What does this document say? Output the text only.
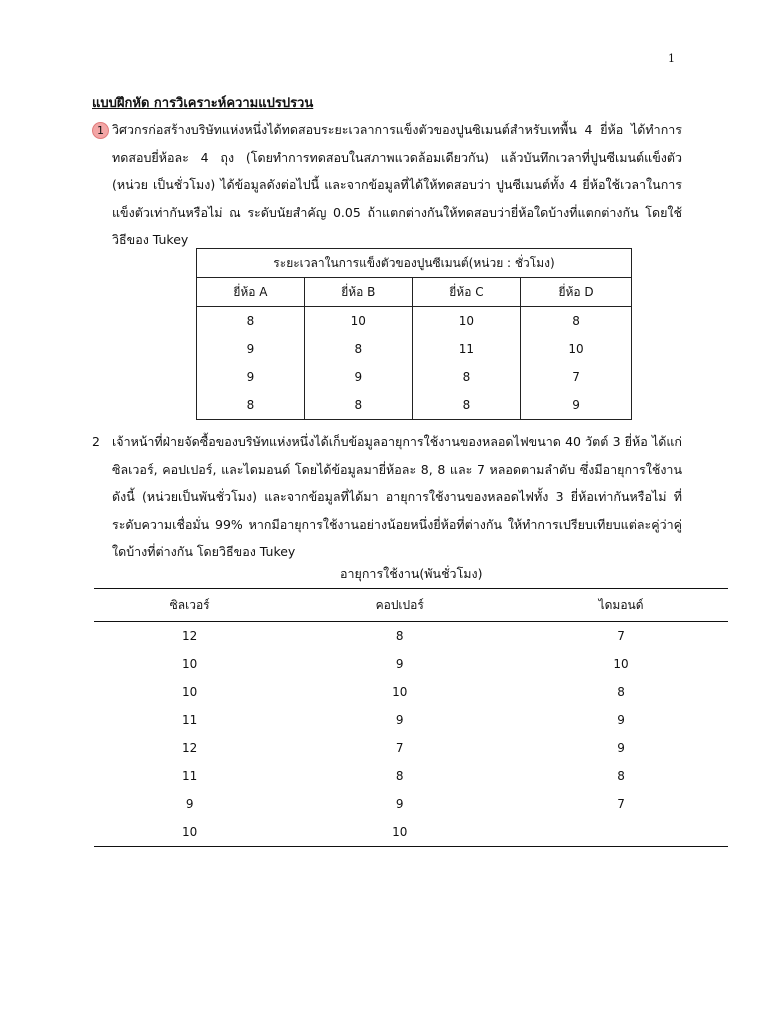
1
แบบฝึกหัด การวิเคราะห์ความแปรปรวน
1 วิศวกรก่อสร้างบริษัทแห่งหนึ่งได้ทดสอบระยะเวลาการแข็งตัวของปูนซิเมนต์สำหรับเทพื้น 4 ยี่ห้อ ได้ทำการทดสอบยี่ห้อละ 4 ถุง (โดยทำการทดสอบในสภาพแวดล้อมเดียวกัน) แล้วบันทึกเวลาที่ปูนซีเมนต์แข็งตัว (หน่วย เป็นชั่วโมง) ได้ข้อมูลดังต่อไปนี้ และจากข้อมูลที่ได้ให้ทดสอบว่า ปูนซีเมนต์ทั้ง 4 ยี่ห้อใช้เวลาในการแข็งตัวเท่ากันหรือไม่ ณ ระดับนัยสำคัญ 0.05 ถ้าแตกต่างกันให้ทดสอบว่ายี่ห้อใดบ้างที่แตกต่างกัน โดยใช้วิธีของ Tukey

ระยะเวลาในการแข็งตัวของปูนซีเมนต์(หน่วย : ชั่วโมง)			
ยี่ห้อ A	ยี่ห้อ B	ยี่ห้อ C	ยี่ห้อ D
8	10	10	8
9	8	11	10
9	9	8	7
8	8	8	9
2 เจ้าหน้าที่ฝ่ายจัดซื้อของบริษัทแห่งหนึ่งได้เก็บข้อมูลอายุการใช้งานของหลอดไฟขนาด 40 วัตต์ 3 ยี่ห้อ ได้แก่ ซิลเวอร์, คอปเปอร์, และไดมอนด์ โดยได้ข้อมูลมายี่ห้อละ 8, 8 และ 7 หลอดตามลำดับ ซึ่งมีอายุการใช้งานดังนี้ (หน่วยเป็นพันชั่วโมง) และจากข้อมูลที่ได้มา อายุการใช้งานของหลอดไฟทั้ง 3 ยี่ห้อเท่ากันหรือไม่ ที่ระดับความเชื่อมั่น 99% หากมีอายุการใช้งานอย่างน้อยหนึ่งยี่ห้อที่ต่างกัน ให้ทำการเปรียบเทียบแต่ละคู่ว่าคู่ใดบ้างที่ต่างกัน โดยวิธีของ Tukey

อายุการใช้งาน(พันชั่วโมง)
ซิลเวอร์	คอปเปอร์	ไดมอนด์
12	8	7
10	9	10
10	10	8
11	9	9
12	7	9
11	8	8
9	9	7
10	10	
